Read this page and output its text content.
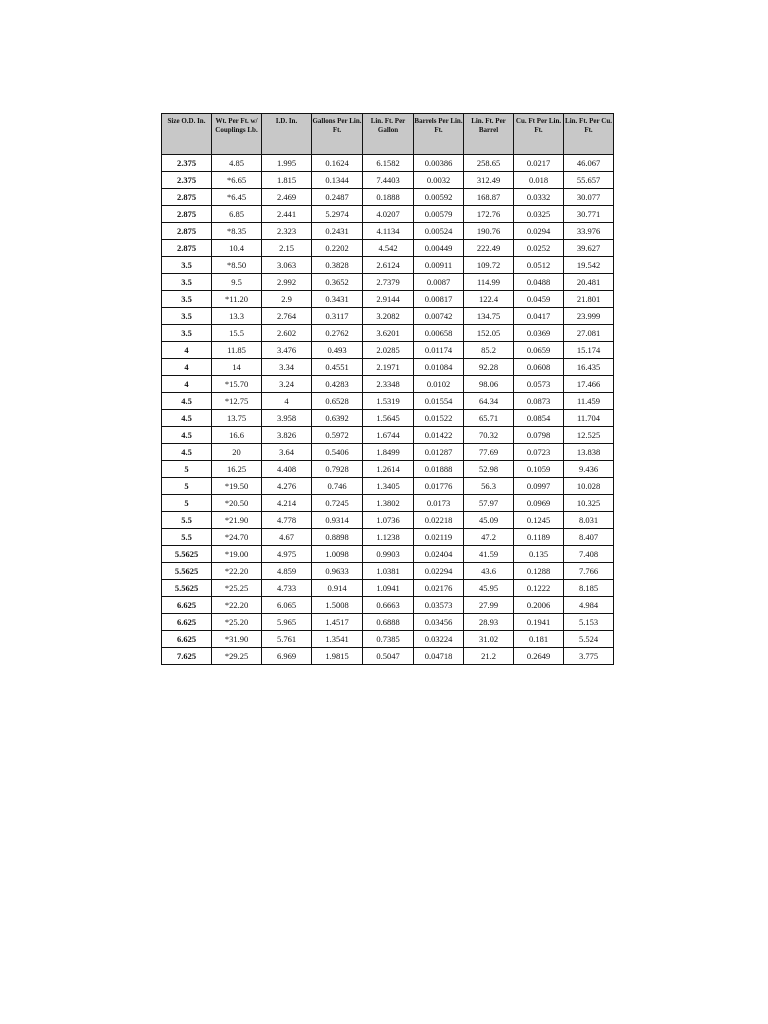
Size O.D. In.	Wt. Per Ft. w/ Couplings Lb.	I.D. In.	Gallons Per Lin. Ft.	Lin. Ft. Per Gallon	Barrels Per Lin. Ft.	Lin. Ft. Per Barrel	Cu. Ft Per Lin. Ft.	Lin. Ft. Per Cu. Ft.
2.375	4.85	1.995	0.1624	6.1582	0.00386	258.65	0.0217	46.067
2.375	*6.65	1.815	0.1344	7.4403	0.0032	312.49	0.018	55.657
2.875	*6.45	2.469	0.2487	0.1888	0.00592	168.87	0.0332	30.077
2.875	6.85	2.441	5.2974	4.0207	0.00579	172.76	0.0325	30.771
2.875	*8.35	2.323	0.2431	4.1134	0.00524	190.76	0.0294	33.976
2.875	10.4	2.15	0.2202	4.542	0.00449	222.49	0.0252	39.627
3.5	*8.50	3.063	0.3828	2.6124	0.00911	109.72	0.0512	19.542
3.5	9.5	2.992	0.3652	2.7379	0.0087	114.99	0.0488	20.481
3.5	*11.20	2.9	0.3431	2.9144	0.00817	122.4	0.0459	21.801
3.5	13.3	2.764	0.3117	3.2082	0.00742	134.75	0.0417	23.999
3.5	15.5	2.602	0.2762	3.6201	0.00658	152.05	0.0369	27.081
4	11.85	3.476	0.493	2.0285	0.01174	85.2	0.0659	15.174
4	14	3.34	0.4551	2.1971	0.01084	92.28	0.0608	16.435
4	*15.70	3.24	0.4283	2.3348	0.0102	98.06	0.0573	17.466
4.5	*12.75	4	0.6528	1.5319	0.01554	64.34	0.0873	11.459
4.5	13.75	3.958	0.6392	1.5645	0.01522	65.71	0.0854	11.704
4.5	16.6	3.826	0.5972	1.6744	0.01422	70.32	0.0798	12.525
4.5	20	3.64	0.5406	1.8499	0.01287	77.69	0.0723	13.838
5	16.25	4.408	0.7928	1.2614	0.01888	52.98	0.1059	9.436
5	*19.50	4.276	0.746	1.3405	0.01776	56.3	0.0997	10.028
5	*20.50	4.214	0.7245	1.3802	0.0173	57.97	0.0969	10.325
5.5	*21.90	4.778	0.9314	1.0736	0.02218	45.09	0.1245	8.031
5.5	*24.70	4.67	0.8898	1.1238	0.02119	47.2	0.1189	8.407
5.5625	*19.00	4.975	1.0098	0.9903	0.02404	41.59	0.135	7.408
5.5625	*22.20	4.859	0.9633	1.0381	0.02294	43.6	0.1288	7.766
5.5625	*25.25	4.733	0.914	1.0941	0.02176	45.95	0.1222	8.185
6.625	*22.20	6.065	1.5008	0.6663	0.03573	27.99	0.2006	4.984
6.625	*25.20	5.965	1.4517	0.6888	0.03456	28.93	0.1941	5.153
6.625	*31.90	5.761	1.3541	0.7385	0.03224	31.02	0.181	5.524
7.625	*29.25	6.969	1.9815	0.5047	0.04718	21.2	0.2649	3.775
